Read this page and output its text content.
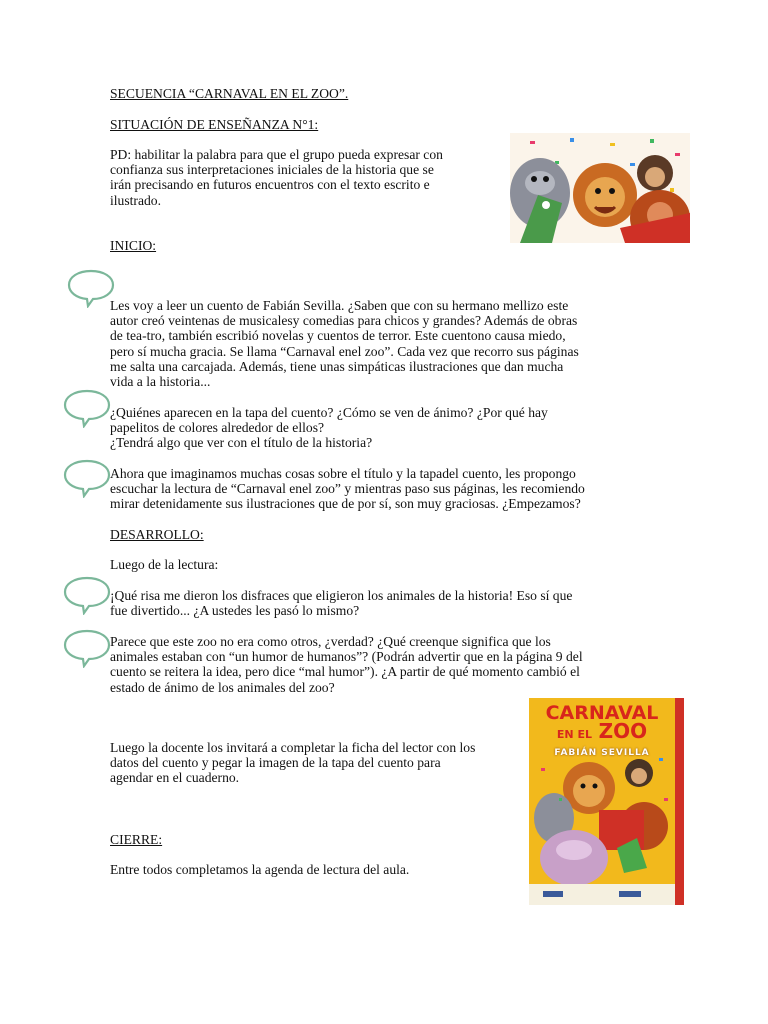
SECUENCIA “CARNAVAL EN EL ZOO”.
SITUACIÓN DE ENSEÑANZA N°1:
PD: habilitar la palabra para que el grupo pueda expresar con
confianza sus interpretaciones iniciales de la historia que se
irán precisando en futuros encuentros con el texto escrito e
ilustrado.
INICIO:
Les voy a leer un cuento de Fabián Sevilla. ¿Saben que con su hermano mellizo este
autor creó veintenas de musicalesy comedias para chicos y grandes? Además de obras
de tea-tro, también escribió novelas y cuentos de terror. Este cuentono causa miedo,
pero sí mucha gracia. Se llama “Carnaval enel zoo”. Cada vez que recorro sus páginas
me salta una carcajada. Además, tiene unas simpáticas ilustraciones que dan mucha
vida a la historia...
¿Quiénes aparecen en la tapa del cuento? ¿Cómo se ven de ánimo? ¿Por qué hay
papelitos de colores alrededor de ellos?
¿Tendrá algo que ver con el título de la historia?
Ahora que imaginamos muchas cosas sobre el título y la tapadel cuento, les propongo
escuchar la lectura de “Carnaval enel zoo” y mientras paso sus páginas, les recomiendo
mirar detenidamente sus ilustraciones que de por sí, son muy graciosas. ¿Empezamos?
DESARROLLO:
Luego de la lectura:
¡Qué risa me dieron los disfraces que eligieron los animales de la historia! Eso sí que
fue divertido... ¿A ustedes les pasó lo mismo?
Parece que este zoo no era como otros, ¿verdad? ¿Qué creenque significa que los
animales estaban con “un humor de humanos”? (Podrán advertir que en la página 9 del
cuento se reitera la idea, pero dice “mal humor”). ¿A partir de qué momento cambió el
estado de ánimo de los animales del zoo?
Luego la docente los invitará a completar la ficha del lector con los
datos del cuento y pegar la imagen de la tapa del cuento para
agendar en el cuaderno.
CIERRE:
Entre todos completamos la agenda de lectura del aula.
CARNAVAL
EN EL ZOO
FABIÁN SEVILLA
